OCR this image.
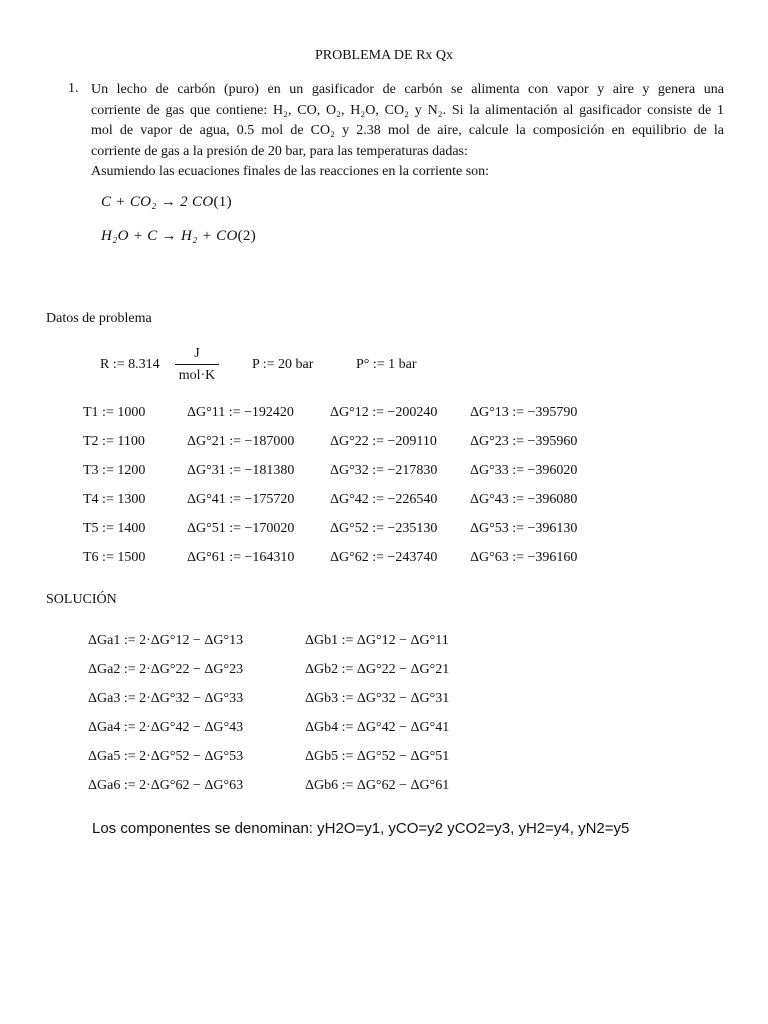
PROBLEMA DE Rx Qx
1. Un lecho de carbón (puro) en un gasificador de carbón se alimenta con vapor y aire y genera una
corriente de gas que contiene: H₂, CO, O₂, H₂O, CO₂ y N₂. Si la alimentación al gasificador consiste de 1
mol de vapor de agua, 0.5 mol de CO₂ y 2.38 mol de aire, calcule la composición en equilibrio de la
corriente de gas a la presión de 20 bar, para las temperaturas dadas:
Asumiendo las ecuaciones finales de las reacciones en la corriente son:
C + CO₂ → 2 CO(1)
H₂O + C → H₂ + CO(2)
Datos de problema
R := 8.314
J
mol·K
P := 20 bar	P° := 1 bar
T1 := 1000	ΔG°11 := −192420	ΔG°12 := −200240 ΔG°13 := −395790
T2 := 1100	ΔG°21 := −187000	ΔG°22 := −209110 ΔG°23 := −395960
T3 := 1200	ΔG°31 := −181380	ΔG°32 := −217830 ΔG°33 := −396020
T4 := 1300	ΔG°41 := −175720	ΔG°42 := −226540 ΔG°43 := −396080
T5 := 1400	ΔG°51 := −170020	ΔG°52 := −235130 ΔG°53 := −396130
T6 := 1500	ΔG°61 := −164310	ΔG°62 := −243740 ΔG°63 := −396160
SOLUCIÓN
ΔGa1 := 2·ΔG°12 − ΔG°13	ΔGb1 := ΔG°12 − ΔG°11
ΔGa2 := 2·ΔG°22 − ΔG°23	ΔGb2 := ΔG°22 − ΔG°21
ΔGa3 := 2·ΔG°32 − ΔG°33	ΔGb3 := ΔG°32 − ΔG°31
ΔGa4 := 2·ΔG°42 − ΔG°43	ΔGb4 := ΔG°42 − ΔG°41
ΔGa5 := 2·ΔG°52 − ΔG°53	ΔGb5 := ΔG°52 − ΔG°51
ΔGa6 := 2·ΔG°62 − ΔG°63	ΔGb6 := ΔG°62 − ΔG°61
Los componentes se denominan: yH2O=y1, yCO=y2 yCO2=y3, yH2=y4, yN2=y5
